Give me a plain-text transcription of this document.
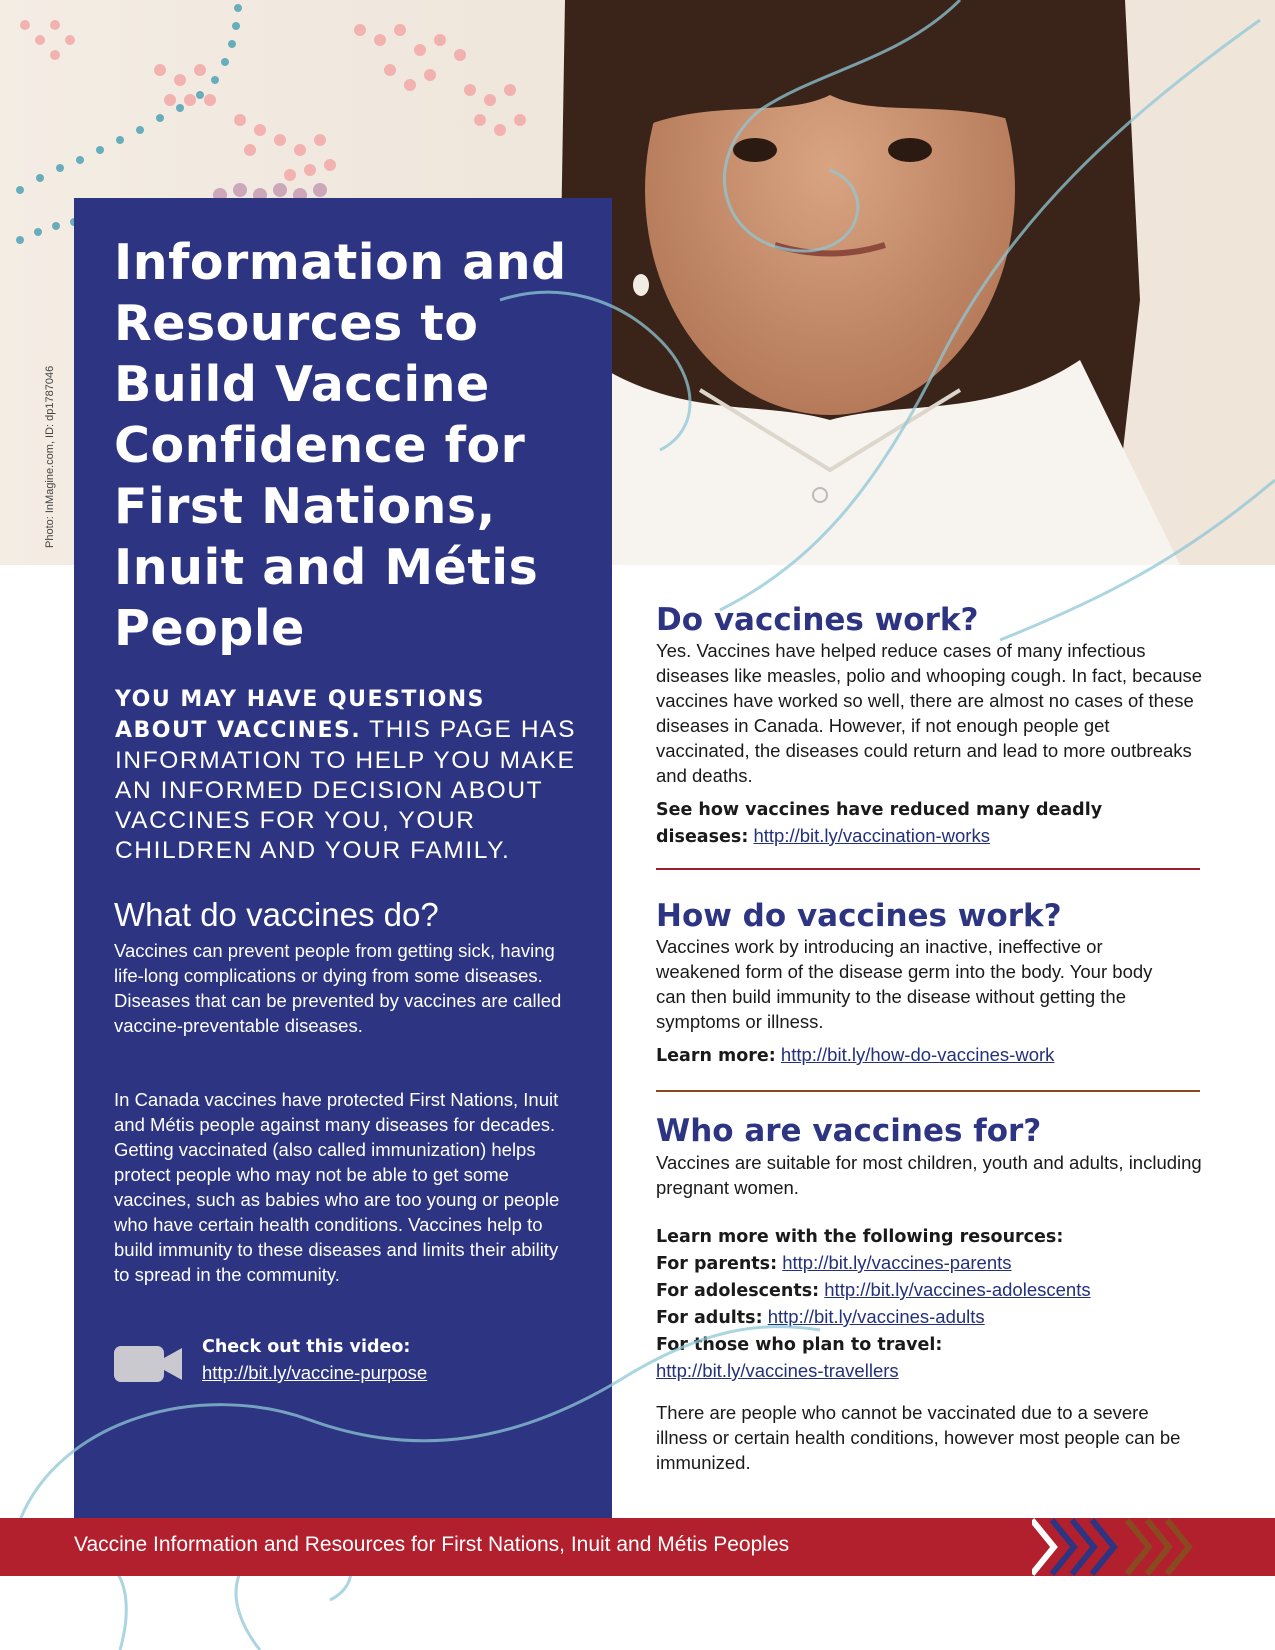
Photo: InMagine.com, ID: dp1787046
Information and Resources to Build Vaccine Confidence for First Nations, Inuit and Métis People

YOU MAY HAVE QUESTIONS ABOUT VACCINES. THIS PAGE HAS INFORMATION TO HELP YOU MAKE AN INFORMED DECISION ABOUT VACCINES FOR YOU, YOUR CHILDREN AND YOUR FAMILY.

What do vaccines do?

Vaccines can prevent people from getting sick, having life-long complications or dying from some diseases. Diseases that can be prevented by vaccines are called vaccine-preventable diseases.

In Canada vaccines have protected First Nations, Inuit and Métis people against many diseases for decades. Getting vaccinated (also called immunization) helps protect people who may not be able to get some vaccines, such as babies who are too young or people who have certain health conditions. Vaccines help to build immunity to these diseases and limits their ability to spread in the community.

Check out this video:

http://bit.ly/vaccine-purpose
Do vaccines work?

Yes. Vaccines have helped reduce cases of many infectious diseases like measles, polio and whooping cough. In fact, because vaccines have worked so well, there are almost no cases of these diseases in Canada. However, if not enough people get vaccinated, the diseases could return and lead to more outbreaks and deaths.

See how vaccines have reduced many deadly diseases: http://bit.ly/vaccination-works

How do vaccines work?

Vaccines work by introducing an inactive, ineffective or weakened form of the disease germ into the body. Your body can then build immunity to the disease without getting the symptoms or illness.

Learn more: http://bit.ly/how-do-vaccines-work

Who are vaccines for?

Vaccines are suitable for most children, youth and adults, including pregnant women.

Learn more with the following resources:
For parents: http://bit.ly/vaccines-parents
For adolescents: http://bit.ly/vaccines-adolescents
For adults: http://bit.ly/vaccines-adults
For those who plan to travel:
http://bit.ly/vaccines-travellers

There are people who cannot be vaccinated due to a severe illness or certain health conditions, however most people can be immunized.

Vaccine Information and Resources for First Nations, Inuit and Métis Peoples
